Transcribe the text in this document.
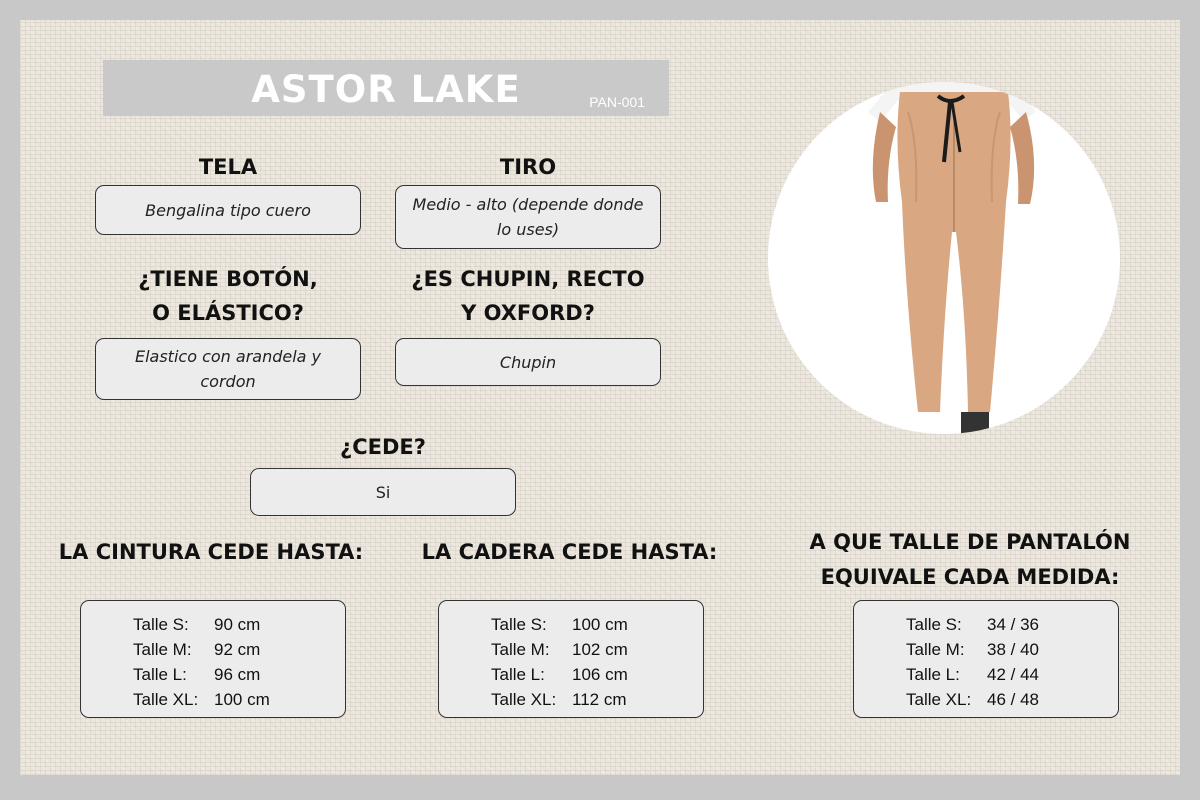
ASTOR LAKE	PAN-001
TELA
Bengalina tipo cuero
TIRO
Medio - alto (depende donde lo uses)
¿TIENE BOTÓN,
O ELÁSTICO?
Elastico con arandela y cordon
¿ES CHUPIN, RECTO
Y OXFORD?
Chupin
¿CEDE?
Si
LA CINTURA CEDE HASTA:
Talle S: 90 cm
Talle M: 92 cm
Talle L: 96 cm
Talle XL: 100 cm
LA CADERA CEDE HASTA:
Talle S: 100 cm
Talle M: 102 cm
Talle L: 106 cm
Talle XL: 112 cm
A QUE TALLE DE PANTALÓN
EQUIVALE CADA MEDIDA:
Talle S: 34 / 36
Talle M: 38 / 40
Talle L: 42 / 44
Talle XL: 46 / 48
